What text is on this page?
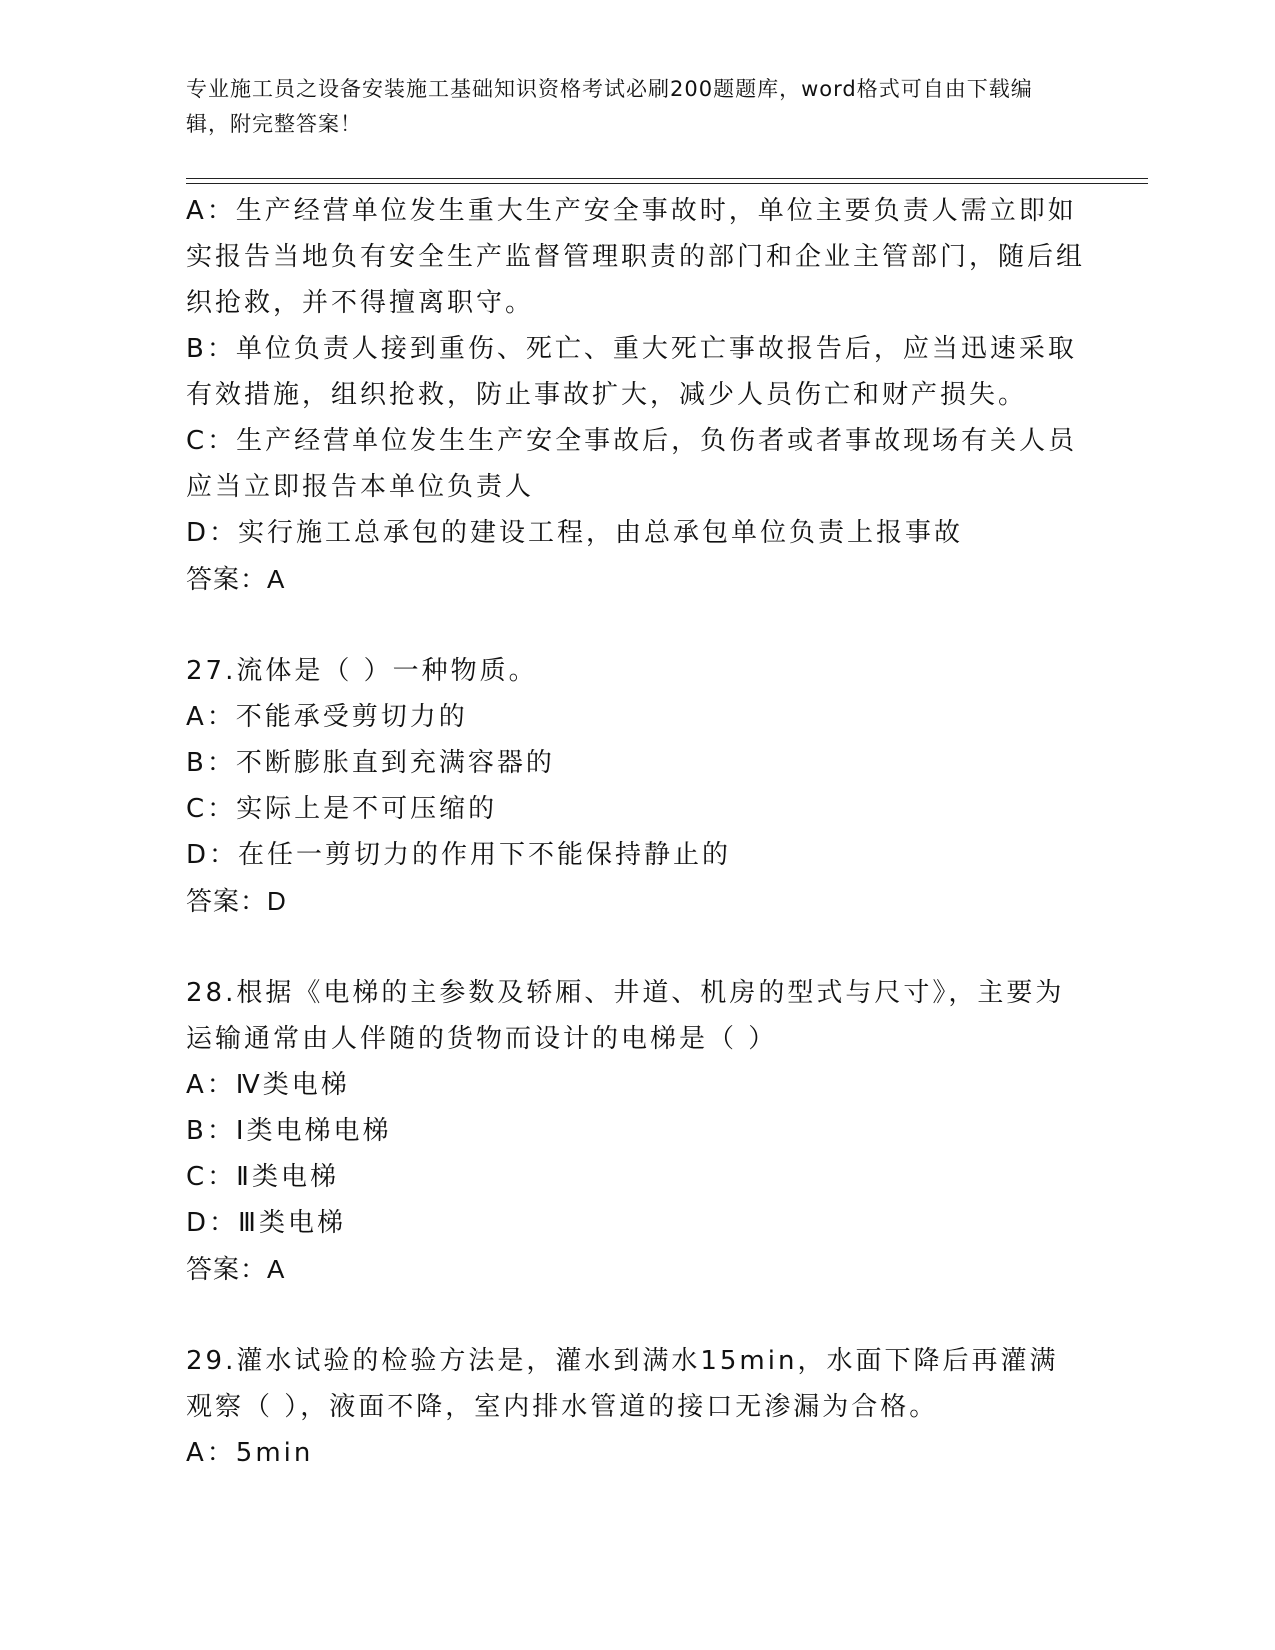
专业施工员之设备安装施工基础知识资格考试必刷200题题库，word格式可自由下载编辑，附完整答案！

A：生产经营单位发生重大生产安全事故时，单位主要负责人需立即如实报告当地负有安全生产监督管理职责的部门和企业主管部门，随后组织抢救，并不得擅离职守。

B：单位负责人接到重伤、死亡、重大死亡事故报告后，应当迅速采取有效措施，组织抢救，防止事故扩大，减少人员伤亡和财产损失。

C：生产经营单位发生生产安全事故后，负伤者或者事故现场有关人员应当立即报告本单位负责人

D：实行施工总承包的建设工程，由总承包单位负责上报事故

答案：A

27.流体是（ ）一种物质。

A：不能承受剪切力的

B：不断膨胀直到充满容器的

C：实际上是不可压缩的

D：在任一剪切力的作用下不能保持静止的

答案：D

28.根据《电梯的主参数及轿厢、井道、机房的型式与尺寸》，主要为运输通常由人伴随的货物而设计的电梯是（ ）

A：Ⅳ类电梯

B：Ⅰ类电梯电梯

C：Ⅱ类电梯

D：Ⅲ类电梯

答案：A

29.灌水试验的检验方法是，灌水到满水15min，水面下降后再灌满观察（ ），液面不降，室内排水管道的接口无渗漏为合格。

A：5min
